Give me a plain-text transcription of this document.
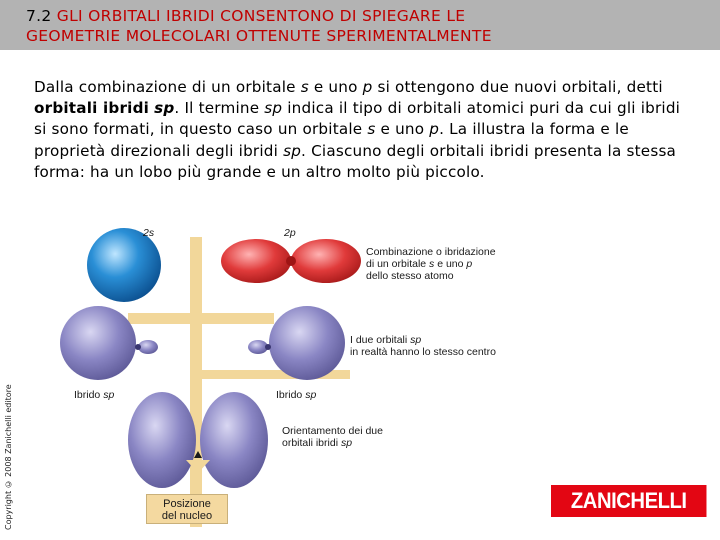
7.2 GLI ORBITALI IBRIDI CONSENTONO DI SPIEGARE LE
GEOMETRIE MOLECOLARI OTTENUTE SPERIMENTALMENTE

Dalla combinazione di un orbitale s e uno p si ottengono due nuovi orbitali, detti orbitali ibridi sp. Il termine sp indica il tipo di orbitali atomici puri da cui gli ibridi si sono formati, in questo caso un orbitale s e uno p. La illustra la forma e le proprietà direzionali degli ibridi sp. Ciascuno degli orbitali ibridi presenta la stessa forma: ha un lobo più grande e un altro molto più piccolo.

2s	2p
Combinazione o ibridazione
di un orbitale s e uno p
dello stesso atomo
I due orbitali sp
in realtà hanno lo stesso centro
Ibrido sp	Ibrido sp
Orientamento dei due
orbitali ibridi sp
Posizione
del nucleo
Copyright © 2008 Zanichelli editore	ZANICHELLI
